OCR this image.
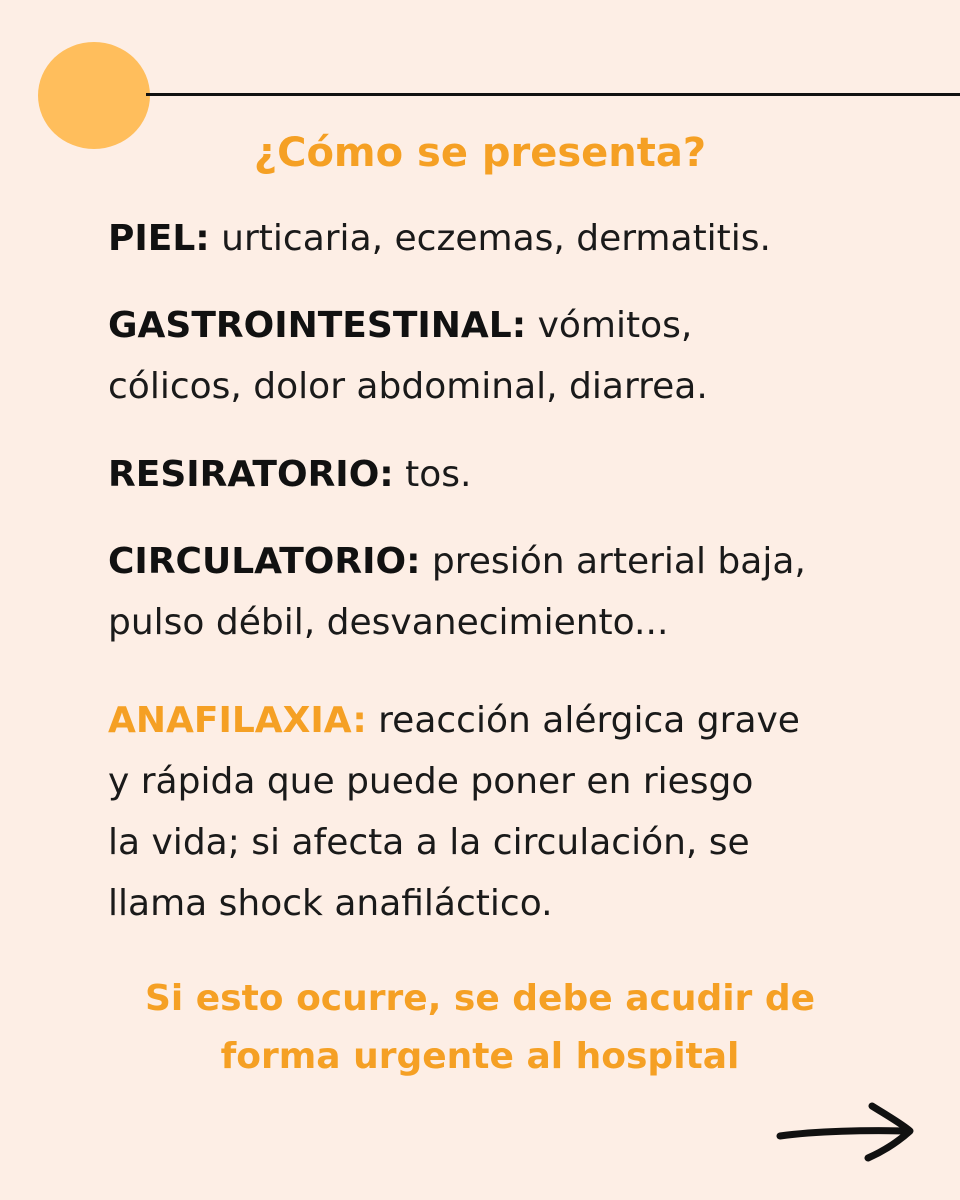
¿Cómo se presenta?

PIEL: urticaria, eczemas, dermatitis.

GASTROINTESTINAL: vómitos,
cólicos, dolor abdominal, diarrea.

RESIRATORIO: tos.

CIRCULATORIO: presión arterial baja,
pulso débil, desvanecimiento...

ANAFILAXIA: reacción alérgica grave
y rápida que puede poner en riesgo
la vida; si afecta a la circulación, se
llama shock anafiláctico.

Si esto ocurre, se debe acudir de
forma urgente al hospital
